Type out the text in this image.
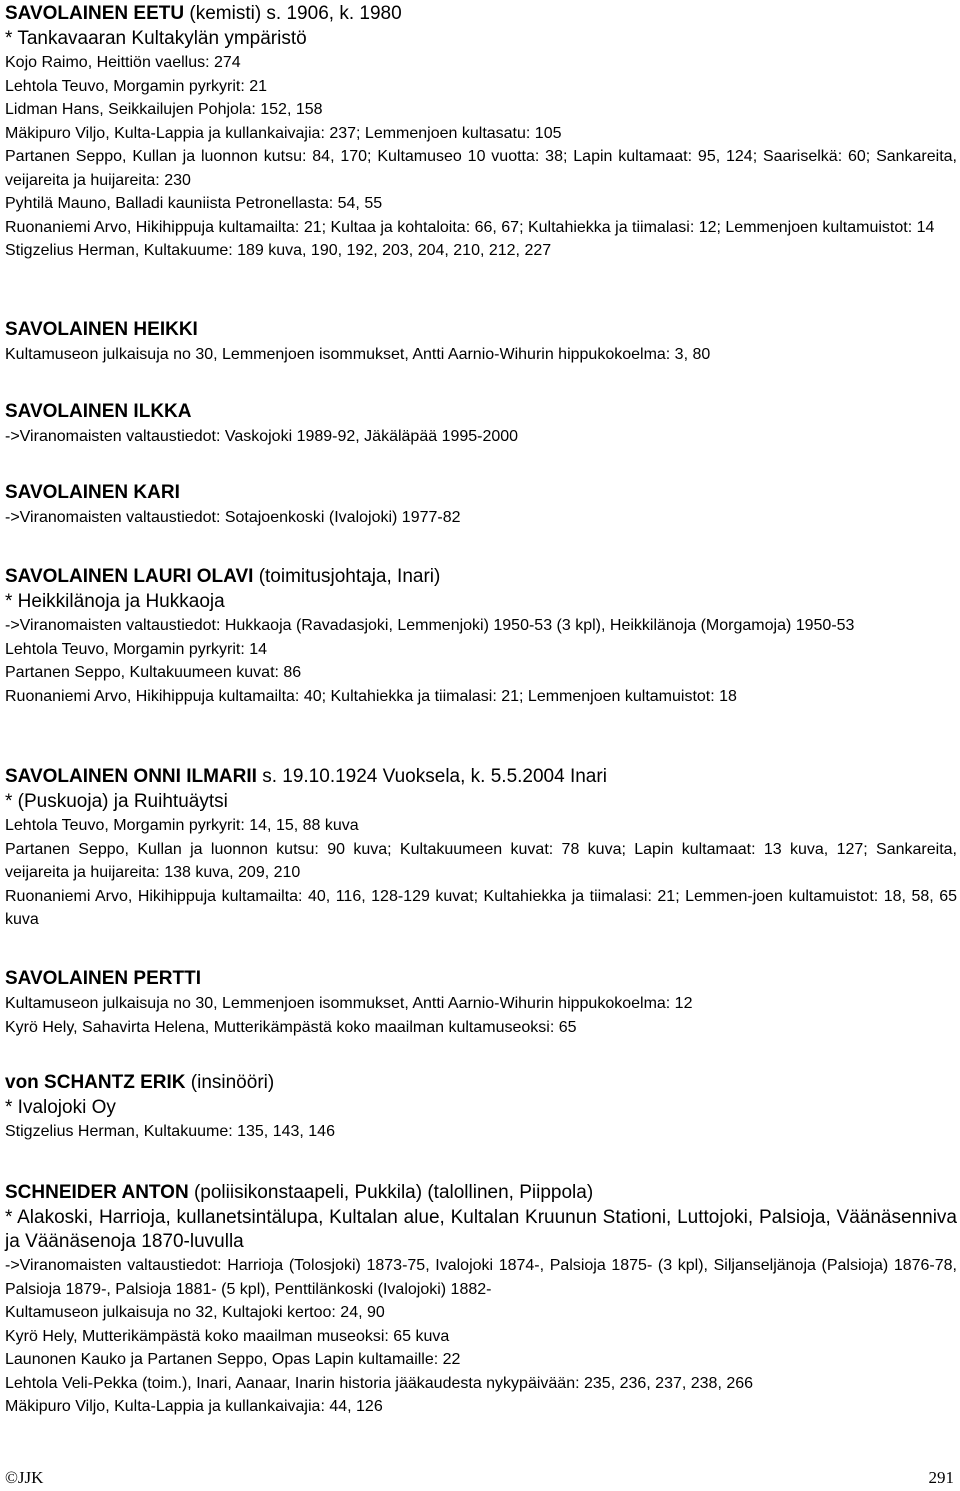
SAVOLAINEN EETU (kemisti) s. 1906, k. 1980
* Tankavaaran Kultakylän ympäristö
Kojo Raimo, Heittiön vaellus: 274
Lehtola Teuvo, Morgamin pyrkyrit: 21
Lidman Hans, Seikkailujen Pohjola: 152, 158
Mäkipuro Viljo, Kulta-Lappia ja kullankaivajia: 237; Lemmenjoen kultasatu: 105
Partanen Seppo, Kullan ja luonnon kutsu: 84, 170; Kultamuseo 10 vuotta: 38; Lapin kultamaat: 95, 124; Saariselkä: 60; Sankareita, veijareita ja huijareita: 230
Pyhtilä Mauno, Balladi kauniista Petronellasta: 54, 55
Ruonaniemi Arvo, Hikihippuja kultamailta: 21; Kultaa ja kohtaloita: 66, 67; Kultahiekka ja tiimalasi: 12; Lemmenjoen kultamuistot: 14
Stigzelius Herman, Kultakuume: 189 kuva, 190, 192, 203, 204, 210, 212, 227
SAVOLAINEN HEIKKI
Kultamuseon julkaisuja no 30, Lemmenjoen isommukset, Antti Aarnio-Wihurin hippukokoelma: 3, 80
SAVOLAINEN ILKKA
->Viranomaisten valtaustiedot: Vaskojoki 1989-92, Jäkäläpää 1995-2000
SAVOLAINEN KARI
->Viranomaisten valtaustiedot: Sotajoenkoski (Ivalojoki) 1977-82
SAVOLAINEN LAURI OLAVI (toimitusjohtaja, Inari)
* Heikkilänoja ja Hukkaoja
->Viranomaisten valtaustiedot: Hukkaoja (Ravadasjoki, Lemmenjoki) 1950-53 (3 kpl), Heikkilänoja (Morgamoja) 1950-53
Lehtola Teuvo, Morgamin pyrkyrit: 14
Partanen Seppo, Kultakuumeen kuvat: 86
Ruonaniemi Arvo, Hikihippuja kultamailta: 40; Kultahiekka ja tiimalasi: 21; Lemmenjoen kultamuistot: 18
SAVOLAINEN ONNI ILMARII s. 19.10.1924 Vuoksela, k. 5.5.2004 Inari
* (Puskuoja) ja Ruihtuäytsi
Lehtola Teuvo, Morgamin pyrkyrit: 14, 15, 88 kuva
Partanen Seppo, Kullan ja luonnon kutsu: 90 kuva; Kultakuumeen kuvat: 78 kuva; Lapin kultamaat: 13 kuva, 127; Sankareita, veijareita ja huijareita: 138 kuva, 209, 210
Ruonaniemi Arvo, Hikihippuja kultamailta: 40, 116, 128-129 kuvat; Kultahiekka ja tiimalasi: 21; Lemmen-joen kultamuistot: 18, 58, 65 kuva
SAVOLAINEN PERTTI
Kultamuseon julkaisuja no 30, Lemmenjoen isommukset, Antti Aarnio-Wihurin hippukokoelma: 12
Kyrö Hely, Sahavirta Helena, Mutterikämpästä koko maailman kultamuseoksi: 65
von SCHANTZ ERIK (insinööri)
* Ivalojoki Oy
Stigzelius Herman, Kultakuume: 135, 143, 146
SCHNEIDER ANTON (poliisikonstaapeli, Pukkila) (talollinen, Piippola)
* Alakoski, Harrioja, kullanetsintälupa, Kultalan alue, Kultalan Kruunun Stationi, Luttojoki, Palsioja, Väänäsenniva ja Väänäsenoja 1870-luvulla
->Viranomaisten valtaustiedot: Harrioja (Tolosjoki) 1873-75, Ivalojoki 1874-, Palsioja 1875- (3 kpl), Siljanseljänoja (Palsioja) 1876-78, Palsioja 1879-, Palsioja 1881- (5 kpl), Penttilänkoski (Ivalojoki) 1882-
Kultamuseon julkaisuja no 32, Kultajoki kertoo: 24, 90
Kyrö Hely, Mutterikämpästä koko maailman museoksi: 65 kuva
Launonen Kauko ja Partanen Seppo, Opas Lapin kultamaille: 22
Lehtola Veli-Pekka (toim.), Inari, Aanaar, Inarin historia jääkaudesta nykypäivään: 235, 236, 237, 238, 266
Mäkipuro Viljo, Kulta-Lappia ja kullankaivajia: 44, 126
©JJK	291
